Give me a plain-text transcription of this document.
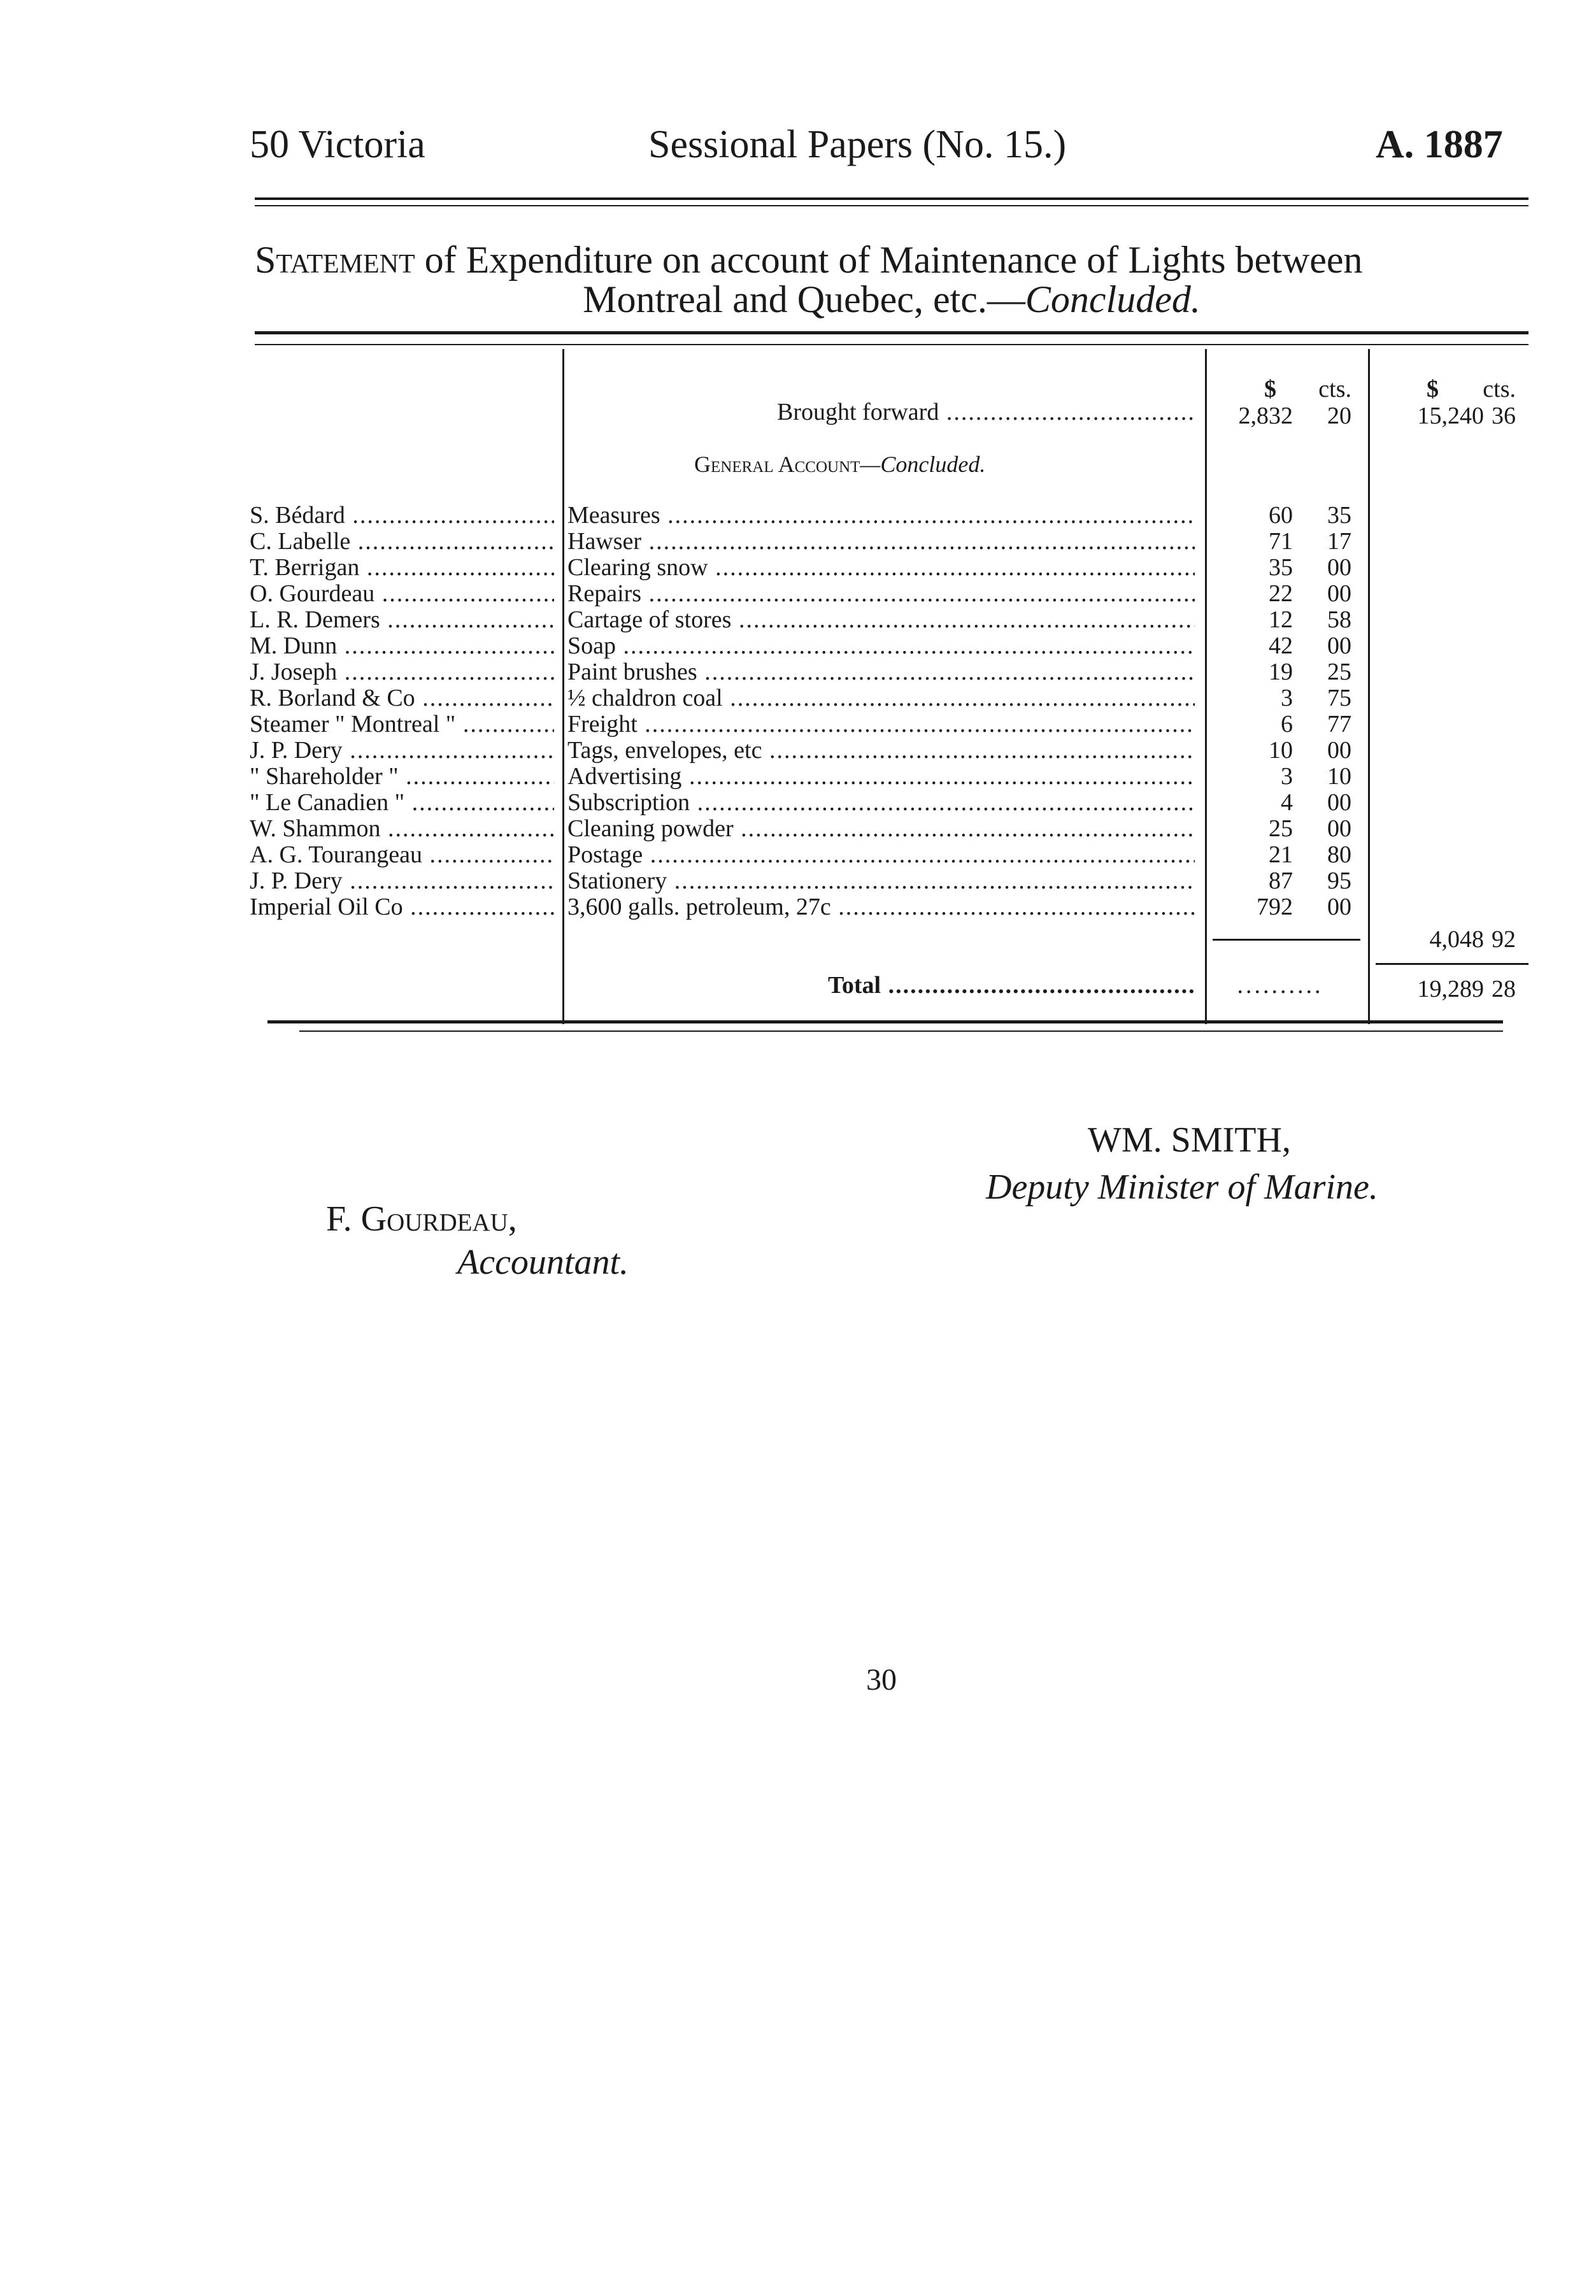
50 Victoria	Sessional Papers (No. 15.)	A. 1887
Statement of Expenditure on account of Maintenance of Lights between
Montreal and Quebec, etc.—Concluded.
$	cts.	$	cts.
Brought forward .....	2,832	20	15,240 36
General Account—Concluded.
S. Bédard .....	Measures .....	60	35
C. Labelle .....	Hawser .....	71	17
T. Berrigan .....	Clearing snow .....	35	00
O. Gourdeau .....	Repairs .....	22	00
L. R. Demers .....	Cartage of stores .....	12	58
M. Dunn .....	Soap .....	42	00
J. Joseph .....	Paint brushes .....	19	25
R. Borland & Co .....	½ chaldron coal .....	3	75
Steamer " Montreal " .....	Freight .....	6	77
J. P. Dery .....	Tags, envelopes, etc .....	10	00
" Shareholder " .....	Advertising .....	3	10
" Le Canadien " .....	Subscription .....	4	00
W. Shammon .....	Cleaning powder .....	25	00
A. G. Tourangeau .....	Postage .....	21	80
J. P. Dery .....	Stationery .....	87	95
Imperial Oil Co .....	3,600 galls. petroleum, 27c .....	792	00
4,048 92
Total .....	..........	19,289 28
WM. SMITH,
Deputy Minister of Marine.
F. Gourdeau,
Accountant.
30
